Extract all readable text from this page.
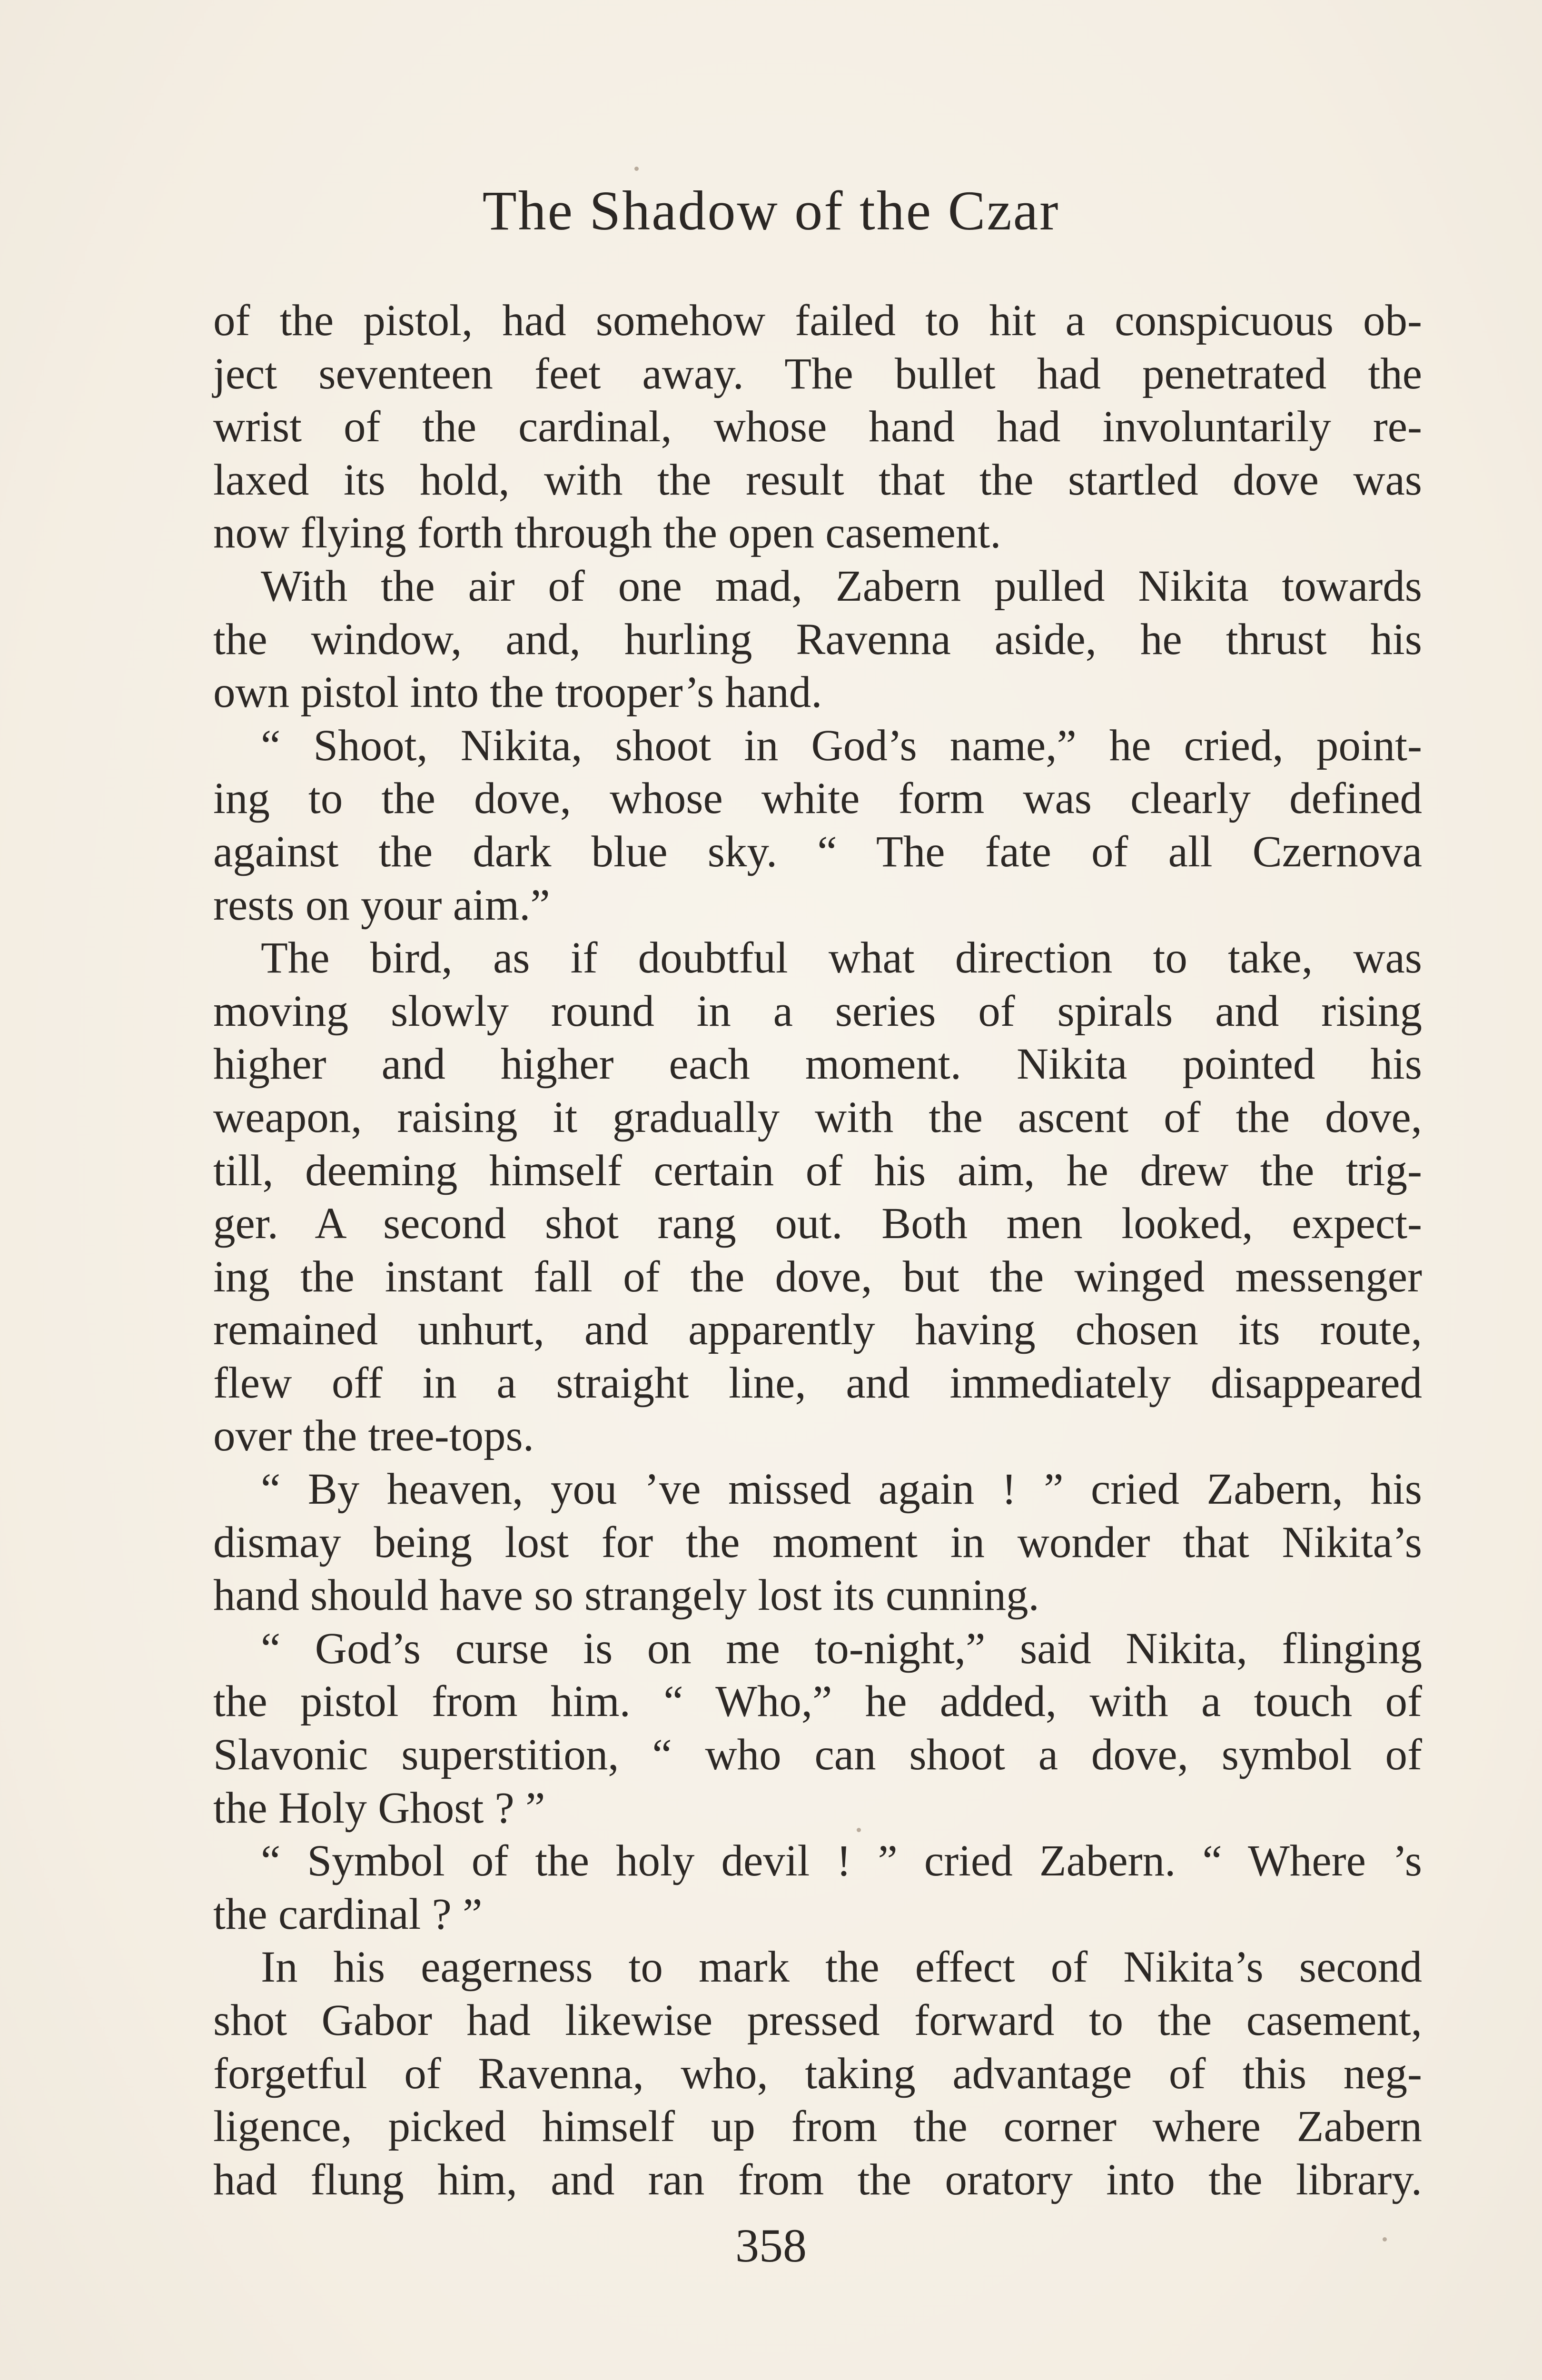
The Shadow of the Czar
of the pistol, had somehow failed to hit a conspicuous ob-
ject seventeen feet away. The bullet had penetrated the
wrist of the cardinal, whose hand had involuntarily re-
laxed its hold, with the result that the startled dove was
now flying forth through the open casement.
With the air of one mad, Zabern pulled Nikita towards
the window, and, hurling Ravenna aside, he thrust his
own pistol into the trooper’s hand.
“ Shoot, Nikita, shoot in God’s name,” he cried, point-
ing to the dove, whose white form was clearly defined
against the dark blue sky. “ The fate of all Czernova
rests on your aim.”
The bird, as if doubtful what direction to take, was
moving slowly round in a series of spirals and rising
higher and higher each moment. Nikita pointed his
weapon, raising it gradually with the ascent of the dove,
till, deeming himself certain of his aim, he drew the trig-
ger. A second shot rang out. Both men looked, expect-
ing the instant fall of the dove, but the winged messenger
remained unhurt, and apparently having chosen its route,
flew off in a straight line, and immediately disappeared
over the tree-tops.
“ By heaven, you ’ve missed again ! ” cried Zabern, his
dismay being lost for the moment in wonder that Nikita’s
hand should have so strangely lost its cunning.
“ God’s curse is on me to-night,” said Nikita, flinging
the pistol from him. “ Who,” he added, with a touch of
Slavonic superstition, “ who can shoot a dove, symbol of
the Holy Ghost ? ”
“ Symbol of the holy devil ! ” cried Zabern. “ Where ’s
the cardinal ? ”
In his eagerness to mark the effect of Nikita’s second
shot Gabor had likewise pressed forward to the casement,
forgetful of Ravenna, who, taking advantage of this neg-
ligence, picked himself up from the corner where Zabern
had flung him, and ran from the oratory into the library.
358
